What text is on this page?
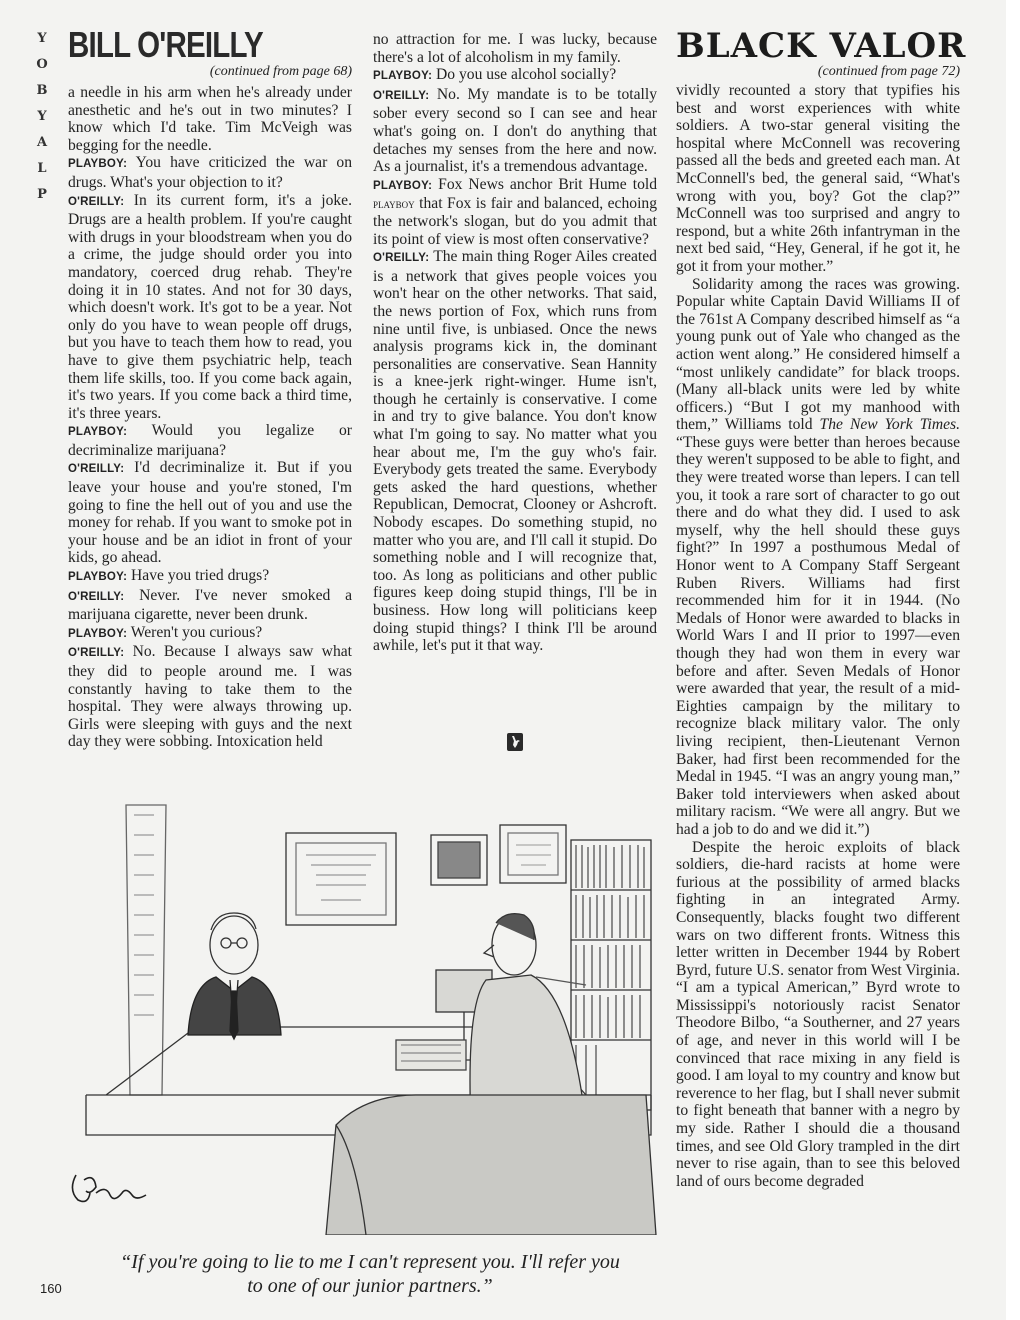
Y
O
B
Y
A
L
P
BILL O'REILLY
(continued from page 68)
BLACK VALOR
(continued from page 72)

a needle in his arm when he's already under anesthetic and he's out in two minutes? I know which I'd take. Tim McVeigh was begging for the needle.

PLAYBOY: You have criticized the war on drugs. What's your objection to it?

O'REILLY: In its current form, it's a joke. Drugs are a health problem. If you're caught with drugs in your bloodstream when you do a crime, the judge should order you into mandatory, coerced drug rehab. They're doing it in 10 states. And not for 30 days, which doesn't work. It's got to be a year. Not only do you have to wean people off drugs, but you have to teach them how to read, you have to give them psychiatric help, teach them life skills, too. If you come back again, it's two years. If you come back a third time, it's three years.

PLAYBOY: Would you legalize or decriminalize marijuana?

O'REILLY: I'd decriminalize it. But if you leave your house and you're stoned, I'm going to fine the hell out of you and use the money for rehab. If you want to smoke pot in your house and be an idiot in front of your kids, go ahead.

PLAYBOY: Have you tried drugs?

O'REILLY: Never. I've never smoked a marijuana cigarette, never been drunk.

PLAYBOY: Weren't you curious?

O'REILLY: No. Because I always saw what they did to people around me. I was constantly having to take them to the hospital. They were always throwing up. Girls were sleeping with guys and the next day they were sobbing. Intoxication held

no attraction for me. I was lucky, because there's a lot of alcoholism in my family.

PLAYBOY: Do you use alcohol socially?

O'REILLY: No. My mandate is to be totally sober every second so I can see and hear what's going on. I don't do anything that detaches my senses from the here and now. As a journalist, it's a tremendous advantage.

PLAYBOY: Fox News anchor Brit Hume told playboy that Fox is fair and balanced, echoing the network's slogan, but do you admit that its point of view is most often conservative?

O'REILLY: The main thing Roger Ailes created is a network that gives people voices you won't hear on the other networks. That said, the news portion of Fox, which runs from nine until five, is unbiased. Once the news analysis programs kick in, the dominant personalities are conservative. Sean Hannity is a knee-jerk right-winger. Hume isn't, though he certainly is conservative. I come in and try to give balance. You don't know what I'm going to say. No matter what you hear about me, I'm the guy who's fair. Everybody gets treated the same. Everybody gets asked the hard questions, whether Republican, Democrat, Clooney or Ashcroft. Nobody escapes. Do something stupid, no matter who you are, and I'll call it stupid. Do something noble and I will recognize that, too. As long as politicians and other public figures keep doing stupid things, I'll be in business. How long will politicians keep doing stupid things? I think I'll be around awhile, let's put it that way.

vividly recounted a story that typifies his best and worst experiences with white soldiers. A two-star general visiting the hospital where McConnell was recovering passed all the beds and greeted each man. At McConnell's bed, the general said, “What's wrong with you, boy? Got the clap?” McConnell was too surprised and angry to respond, but a white 26th infantryman in the next bed said, “Hey, General, if he got it, he got it from your mother.”

Solidarity among the races was growing. Popular white Captain David Williams II of the 761st A Company described himself as “a young punk out of Yale who changed as the action went along.” He considered himself a “most unlikely candidate” for black troops. (Many all-black units were led by white officers.) “But I got my manhood with them,” Williams told The New York Times. “These guys were better than heroes because they weren't supposed to be able to fight, and they were treated worse than lepers. I can tell you, it took a rare sort of character to go out there and do what they did. I used to ask myself, why the hell should these guys fight?” In 1997 a posthumous Medal of Honor went to A Company Staff Sergeant Ruben Rivers. Williams had first recommended him for it in 1944. (No Medals of Honor were awarded to blacks in World Wars I and II prior to 1997—even though they had won them in every war before and after. Seven Medals of Honor were awarded that year, the result of a mid-Eighties campaign by the military to recognize black military valor. The only living recipient, then-Lieutenant Vernon Baker, had first been recommended for the Medal in 1945. “I was an angry young man,” Baker told interviewers when asked about military racism. “We were all angry. But we had a job to do and we did it.”)

Despite the heroic exploits of black soldiers, die-hard racists at home were furious at the possibility of armed blacks fighting in an integrated Army. Consequently, blacks fought two different wars on two different fronts. Witness this letter written in December 1944 by Robert Byrd, future U.S. senator from West Virginia. “I am a typical American,” Byrd wrote to Mississippi's notoriously racist Senator Theodore Bilbo, “a Southerner, and 27 years of age, and never in this world will I be convinced that race mixing in any field is good. I am loyal to my country and know but reverence to her flag, but I shall never submit to fight beneath that banner with a negro by my side. Rather I should die a thousand times, and see Old Glory trampled in the dirt never to rise again, than to see this beloved land of ours become degraded

“If you're going to lie to me I can't represent you. I'll refer you to one of our junior partners.”
160
